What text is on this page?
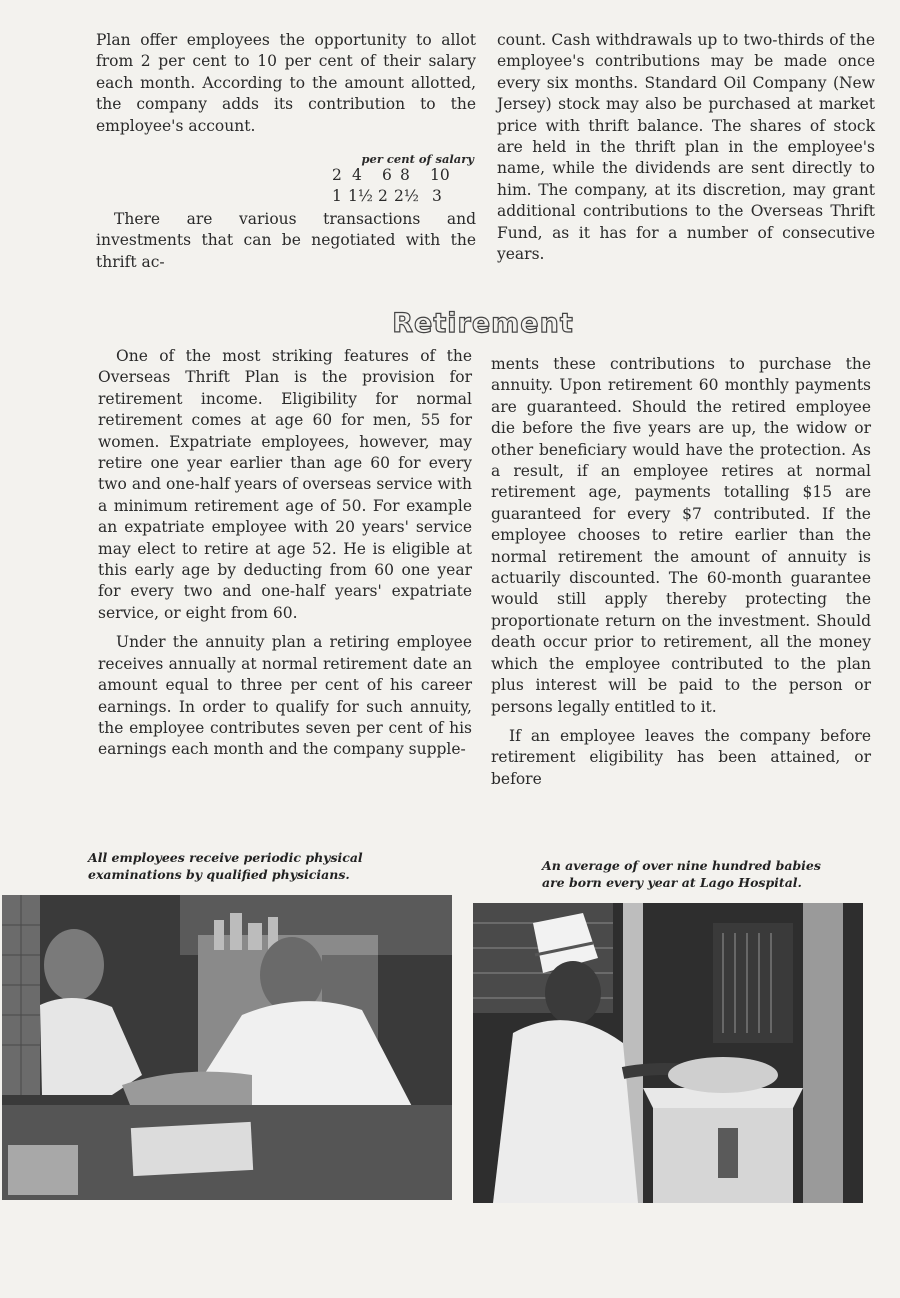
Plan offer employees the opportunity to allot from 2 per cent to 10 per cent of their salary each month. According to the amount allotted, the company adds its contribution to the employee's account.

per cent of salary
2 4 6 8 10
1 1½ 2 2½ 3

There are various transactions and investments that can be negotiated with the thrift ac-

count. Cash withdrawals up to two-thirds of the employee's contributions may be made once every six months. Standard Oil Company (New Jersey) stock may also be purchased at market price with thrift balance. The shares of stock are held in the thrift plan in the employee's name, while the dividends are sent directly to him. The company, at its discretion, may grant additional contributions to the Overseas Thrift Fund, as it has for a number of consecutive years.

Retirement

One of the most striking features of the Overseas Thrift Plan is the provision for retirement income. Eligibility for normal retirement comes at age 60 for men, 55 for women. Expatriate employees, however, may retire one year earlier than age 60 for every two and one-half years of overseas service with a minimum retirement age of 50. For example an expatriate employee with 20 years' service may elect to retire at age 52. He is eligible at this early age by deducting from 60 one year for every two and one-half years' expatriate service, or eight from 60.

Under the annuity plan a retiring employee receives annually at normal retirement date an amount equal to three per cent of his career earnings. In order to qualify for such annuity, the employee contributes seven per cent of his earnings each month and the company supple-

ments these contributions to purchase the annuity. Upon retirement 60 monthly payments are guaranteed. Should the retired employee die before the five years are up, the widow or other beneficiary would have the protection. As a result, if an employee retires at normal retirement age, payments totalling $15 are guaranteed for every $7 contributed. If the employee chooses to retire earlier than the normal retirement the amount of annuity is actuarily discounted. The 60-month guarantee would still apply thereby protecting the proportionate return on the investment. Should death occur prior to retirement, all the money which the employee contributed to the plan plus interest will be paid to the person or persons legally entitled to it.

If an employee leaves the company before retirement eligibility has been attained, or before

All employees receive periodic physical examinations by qualified physicians.
An average of over nine hundred babies are born every year at Lago Hospital.
